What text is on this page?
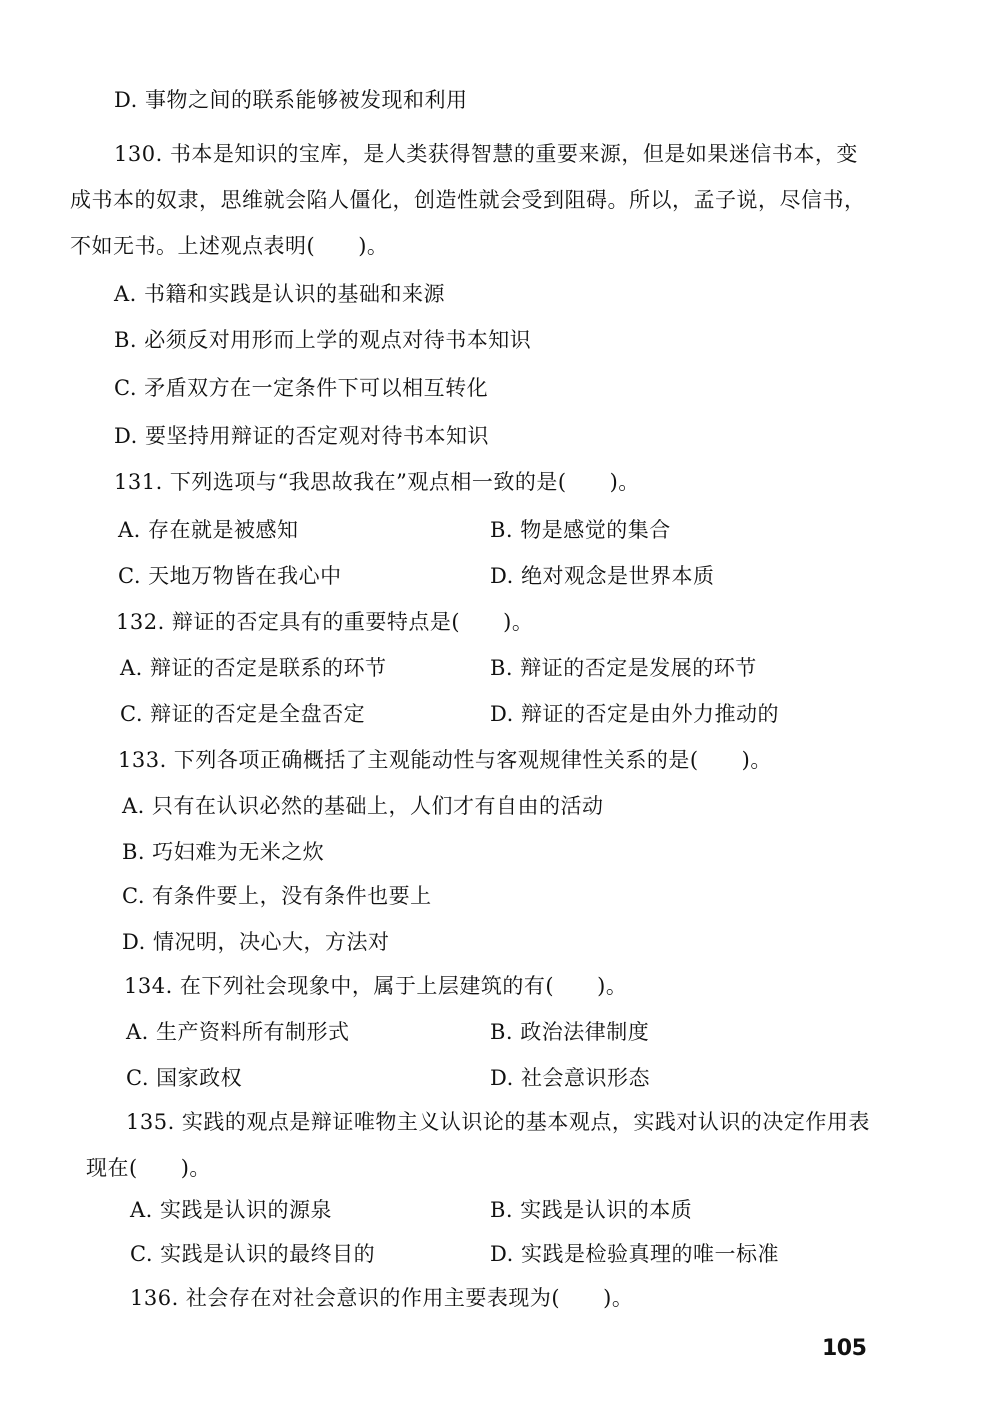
D. 事物之间的联系能够被发现和利用
130. 书本是知识的宝库，是人类获得智慧的重要来源，但是如果迷信书本，变
成书本的奴隶，思维就会陷人僵化，创造性就会受到阻碍。所以，孟子说，尽信书，
不如无书。上述观点表明(　　)。
A. 书籍和实践是认识的基础和来源
B. 必须反对用形而上学的观点对待书本知识
C. 矛盾双方在一定条件下可以相互转化
D. 要坚持用辩证的否定观对待书本知识
131. 下列选项与“我思故我在”观点相一致的是(　　)。
A. 存在就是被感知	B. 物是感觉的集合
C. 天地万物皆在我心中	D. 绝对观念是世界本质
132. 辩证的否定具有的重要特点是(　　)。
A. 辩证的否定是联系的环节	B. 辩证的否定是发展的环节
C. 辩证的否定是全盘否定	D. 辩证的否定是由外力推动的
133. 下列各项正确概括了主观能动性与客观规律性关系的是(　　)。
A. 只有在认识必然的基础上，人们才有自由的活动
B. 巧妇难为无米之炊
C. 有条件要上，没有条件也要上
D. 情况明，决心大，方法对
134. 在下列社会现象中，属于上层建筑的有(　　)。
A. 生产资料所有制形式	B. 政治法律制度
C. 国家政权	D. 社会意识形态
135. 实践的观点是辩证唯物主义认识论的基本观点，实践对认识的决定作用表
现在(　　)。
A. 实践是认识的源泉	B. 实践是认识的本质
C. 实践是认识的最终目的	D. 实践是检验真理的唯一标准
136. 社会存在对社会意识的作用主要表现为(　　)。
105
